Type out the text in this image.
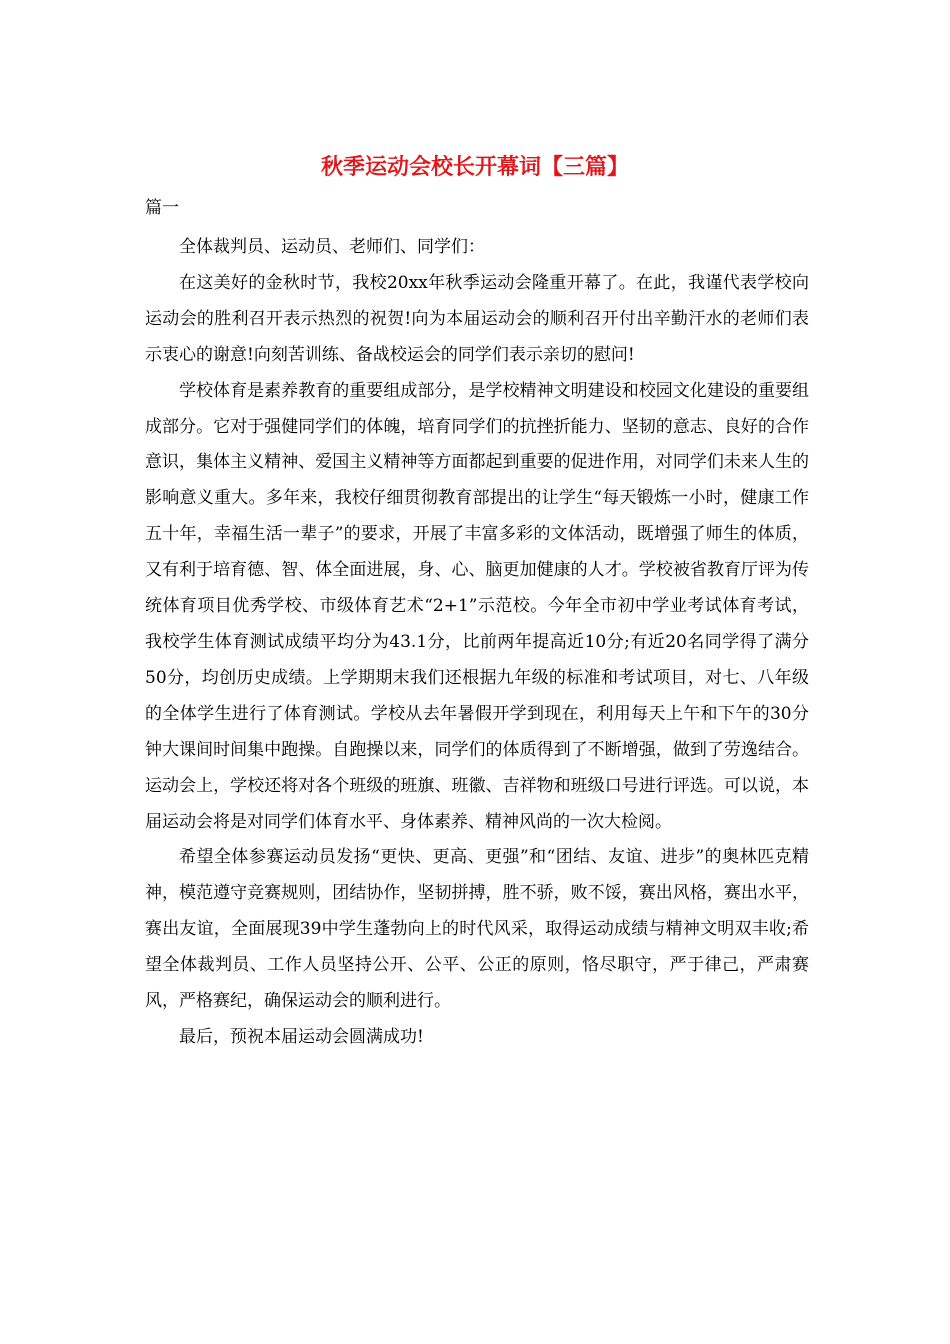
秋季运动会校长开幕词【三篇】
篇一

全体裁判员、运动员、老师们、同学们：

在这美好的金秋时节，我校20xx年秋季运动会隆重开幕了。在此，我谨代表学校向运动会的胜利召开表示热烈的祝贺!向为本届运动会的顺利召开付出辛勤汗水的老师们表示衷心的谢意!向刻苦训练、备战校运会的同学们表示亲切的慰问!

学校体育是素养教育的重要组成部分，是学校精神文明建设和校园文化建设的重要组成部分。它对于强健同学们的体魄，培育同学们的抗挫折能力、坚韧的意志、良好的合作意识，集体主义精神、爱国主义精神等方面都起到重要的促进作用，对同学们未来人生的影响意义重大。多年来，我校仔细贯彻教育部提出的让学生“每天锻炼一小时，健康工作五十年，幸福生活一辈子”的要求，开展了丰富多彩的文体活动，既增强了师生的体质，又有利于培育德、智、体全面进展，身、心、脑更加健康的人才。学校被省教育厅评为传统体育项目优秀学校、市级体育艺术“2+1”示范校。今年全市初中学业考试体育考试，我校学生体育测试成绩平均分为43.1分，比前两年提高近10分;有近20名同学得了满分50分，均创历史成绩。上学期期末我们还根据九年级的标准和考试项目，对七、八年级的全体学生进行了体育测试。学校从去年暑假开学到现在，利用每天上午和下午的30分钟大课间时间集中跑操。自跑操以来，同学们的体质得到了不断增强，做到了劳逸结合。运动会上，学校还将对各个班级的班旗、班徽、吉祥物和班级口号进行评选。可以说，本届运动会将是对同学们体育水平、身体素养、精神风尚的一次大检阅。

希望全体参赛运动员发扬“更快、更高、更强”和“团结、友谊、进步”的奥林匹克精神，模范遵守竞赛规则，团结协作，坚韧拼搏，胜不骄，败不馁，赛出风格，赛出水平，赛出友谊，全面展现39中学生蓬勃向上的时代风采，取得运动成绩与精神文明双丰收;希望全体裁判员、工作人员坚持公开、公平、公正的原则，恪尽职守，严于律己，严肃赛风，严格赛纪，确保运动会的顺利进行。

最后，预祝本届运动会圆满成功!
